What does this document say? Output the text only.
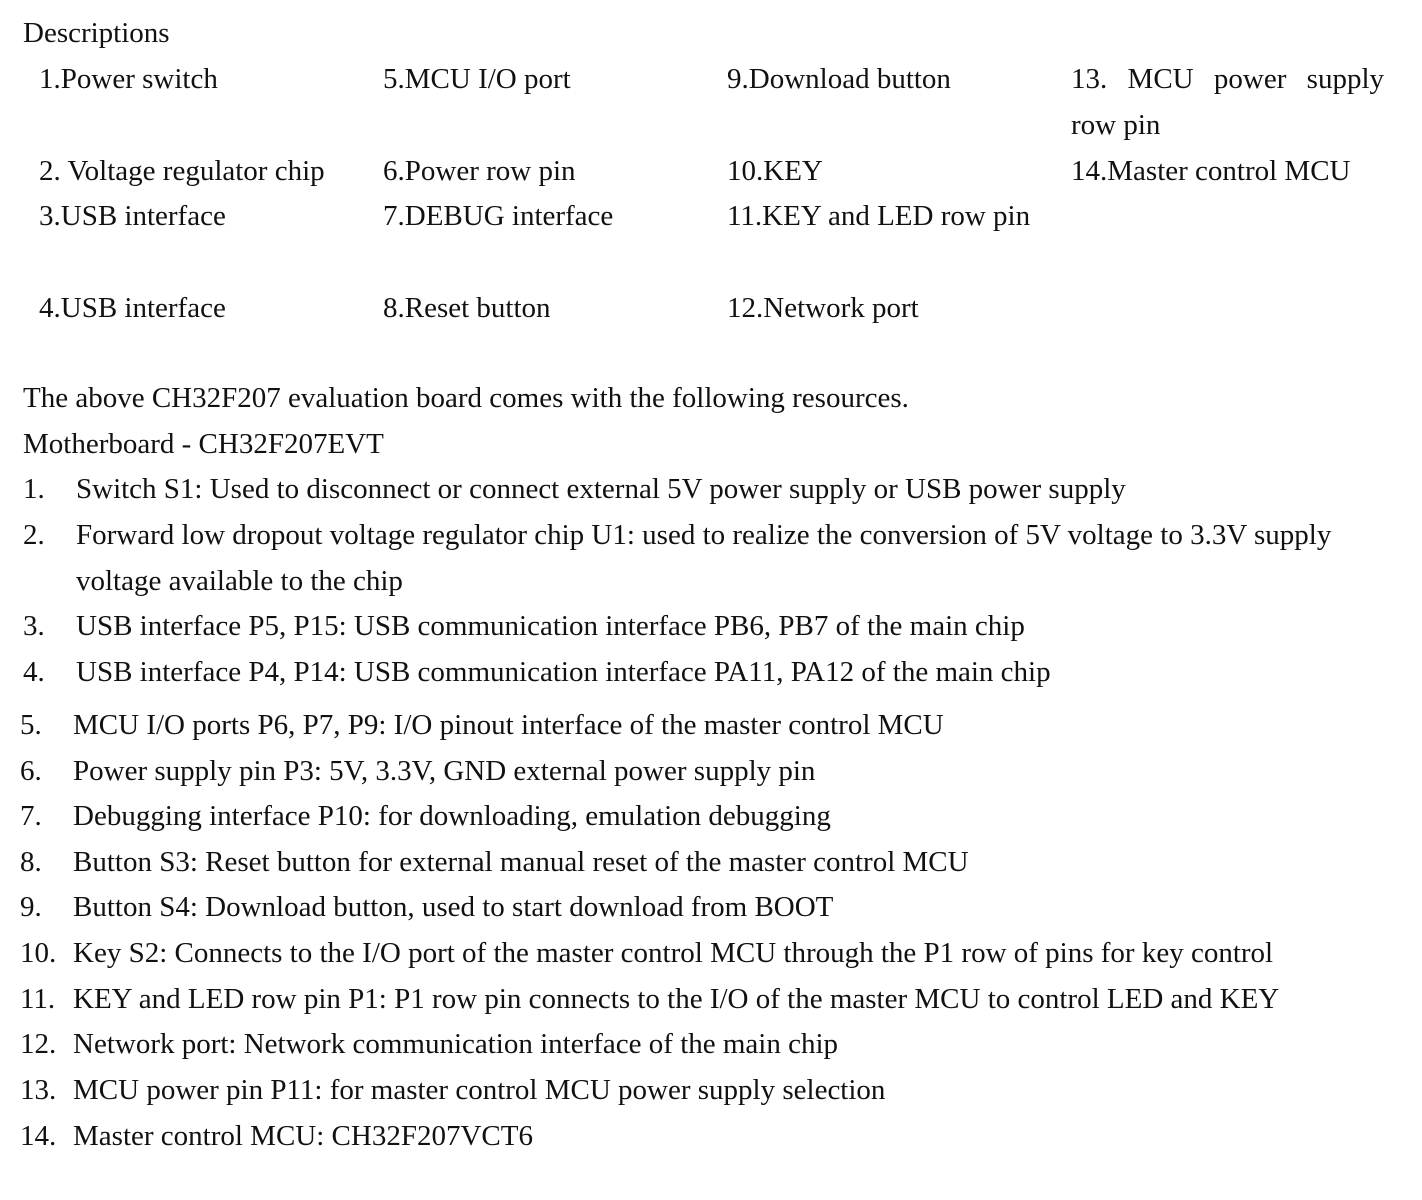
Descriptions
1.Power switch
2. Voltage regulator chip
3.USB interface
4.USB interface
5.MCU I/O port
6.Power row pin
7.DEBUG interface
8.Reset button
9.Download button
10.KEY
11.KEY and LED row pin
12.Network port
13. MCU power supply row pin
14.Master control MCU
The above CH32F207 evaluation board comes with the following resources.
Motherboard - CH32F207EVT
1. Switch S1: Used to disconnect or connect external 5V power supply or USB power supply
2. Forward low dropout voltage regulator chip U1: used to realize the conversion of 5V voltage to 3.3V supply
voltage available to the chip
3. USB interface P5, P15: USB communication interface PB6, PB7 of the main chip
4. USB interface P4, P14: USB communication interface PA11, PA12 of the main chip
5. MCU I/O ports P6, P7, P9: I/O pinout interface of the master control MCU
6. Power supply pin P3: 5V, 3.3V, GND external power supply pin
7. Debugging interface P10: for downloading, emulation debugging
8. Button S3: Reset button for external manual reset of the master control MCU
9. Button S4: Download button, used to start download from BOOT
10. Key S2: Connects to the I/O port of the master control MCU through the P1 row of pins for key control
11. KEY and LED row pin P1: P1 row pin connects to the I/O of the master MCU to control LED and KEY
12. Network port: Network communication interface of the main chip
13. MCU power pin P11: for master control MCU power supply selection
14. Master control MCU: CH32F207VCT6
